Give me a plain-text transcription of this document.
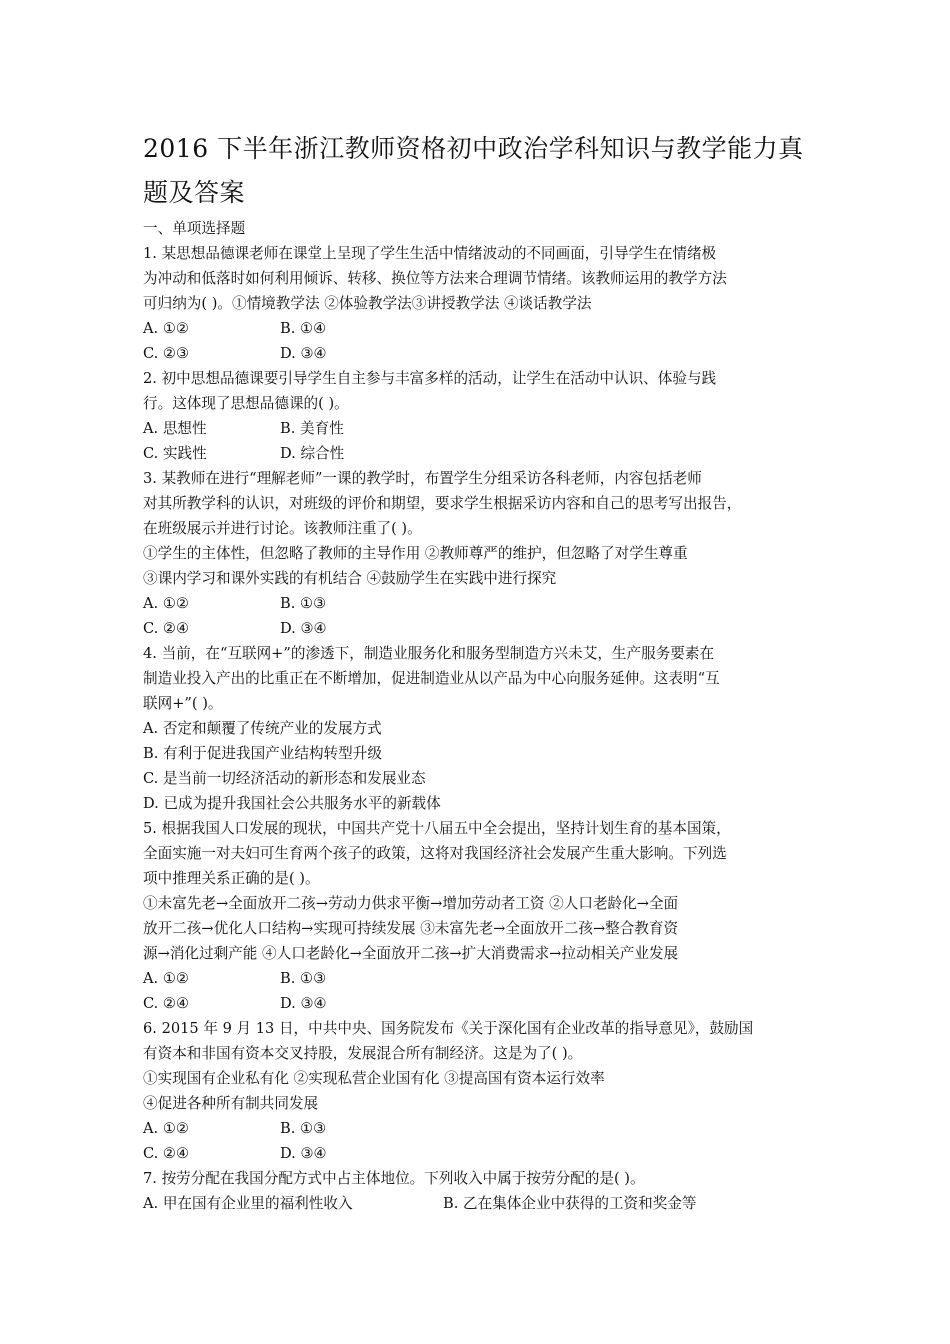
2016 下半年浙江教师资格初中政治学科知识与教学能力真
题及答案
一、单项选择题
1. 某思想品德课老师在课堂上呈现了学生生活中情绪波动的不同画面，引导学生在情绪极
为冲动和低落时如何利用倾诉、转移、换位等方法来合理调节情绪。该教师运用的教学方法
可归纳为( )。①情境教学法 ②体验教学法③讲授教学法 ④谈话教学法
A. ①②	B. ①④
C. ②③	D. ③④
2. 初中思想品德课要引导学生自主参与丰富多样的活动，让学生在活动中认识、体验与践
行。这体现了思想品德课的( )。
A. 思想性	B. 美育性
C. 实践性	D. 综合性
3. 某教师在进行“理解老师”一课的教学时，布置学生分组采访各科老师，内容包括老师
对其所教学科的认识，对班级的评价和期望，要求学生根据采访内容和自己的思考写出报告，
在班级展示并进行讨论。该教师注重了( )。
①学生的主体性，但忽略了教师的主导作用 ②教师尊严的维护，但忽略了对学生尊重
③课内学习和课外实践的有机结合 ④鼓励学生在实践中进行探究
A. ①②	B. ①③
C. ②④	D. ③④
4. 当前，在“互联网+”的渗透下，制造业服务化和服务型制造方兴未艾，生产服务要素在
制造业投入产出的比重正在不断增加，促进制造业从以产品为中心向服务延伸。这表明“互
联网+”( )。
A. 否定和颠覆了传统产业的发展方式
B. 有利于促进我国产业结构转型升级
C. 是当前一切经济活动的新形态和发展业态
D. 已成为提升我国社会公共服务水平的新载体
5. 根据我国人口发展的现状，中国共产党十八届五中全会提出，坚持计划生育的基本国策，
全面实施一对夫妇可生育两个孩子的政策，这将对我国经济社会发展产生重大影响。下列选
项中推理关系正确的是( )。
①未富先老→全面放开二孩→劳动力供求平衡→增加劳动者工资 ②人口老龄化→全面
放开二孩→优化人口结构→实现可持续发展 ③未富先老→全面放开二孩→整合教育资
源→消化过剩产能 ④人口老龄化→全面放开二孩→扩大消费需求→拉动相关产业发展
A. ①②	B. ①③
C. ②④	D. ③④
6. 2015 年 9 月 13 日，中共中央、国务院发布《关于深化国有企业改革的指导意见》，鼓励国
有资本和非国有资本交叉持股，发展混合所有制经济。这是为了( )。
①实现国有企业私有化 ②实现私营企业国有化 ③提高国有资本运行效率
④促进各种所有制共同发展
A. ①②	B. ①③
C. ②④	D. ③④
7. 按劳分配在我国分配方式中占主体地位。下列收入中属于按劳分配的是( )。
A. 甲在国有企业里的福利性收入	B. 乙在集体企业中获得的工资和奖金等
